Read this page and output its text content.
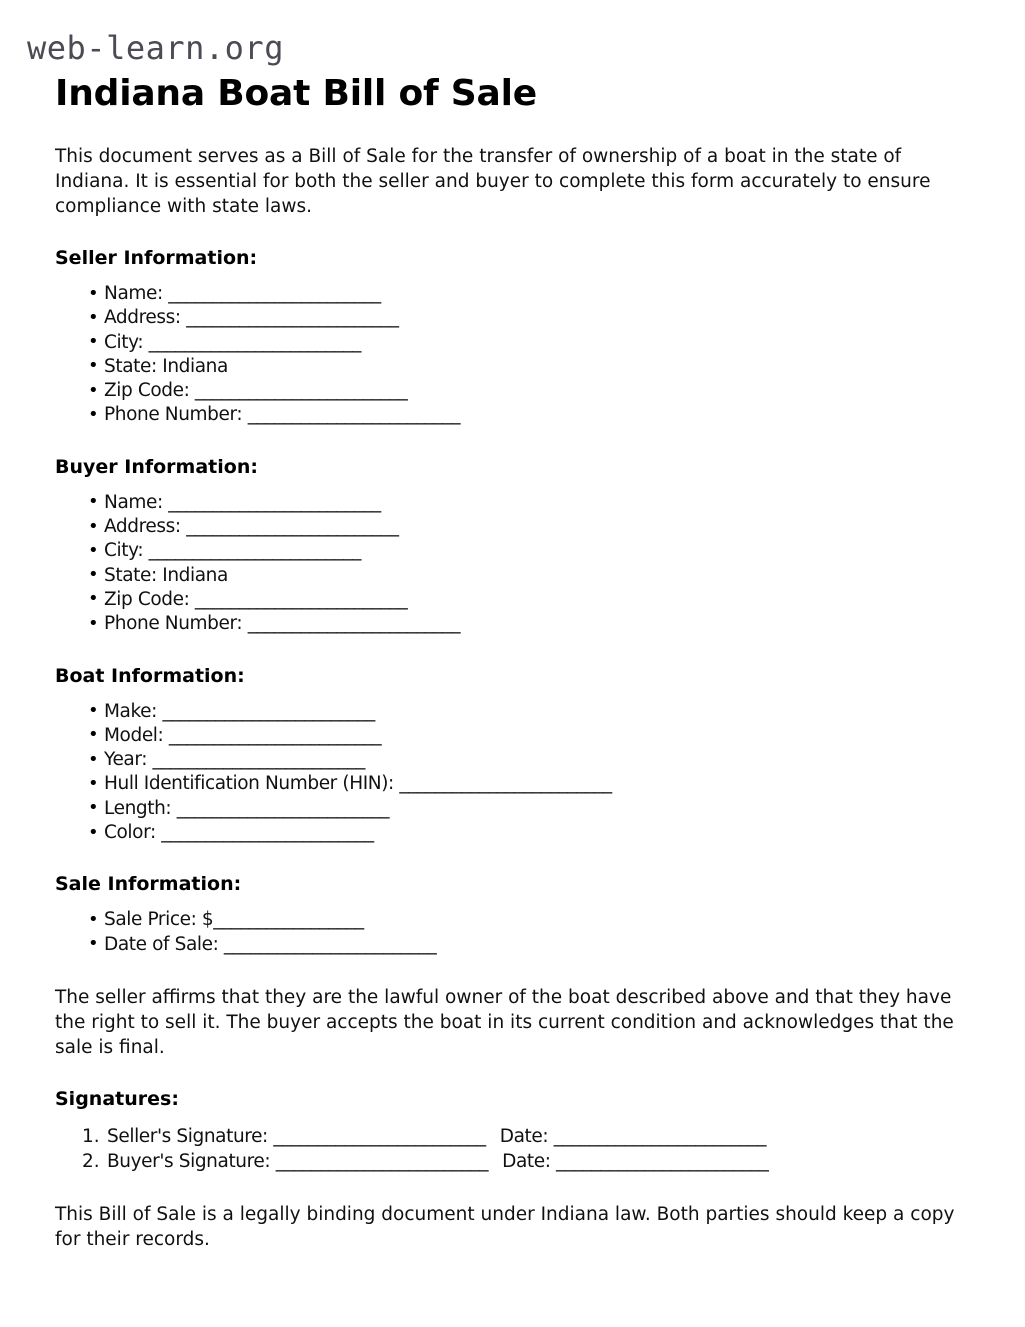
web-learn.org
Indiana Boat Bill of Sale

This document serves as a Bill of Sale for the transfer of ownership of a boat in the state of Indiana. It is essential for both the seller and buyer to complete this form accurately to ensure compliance with state laws.

Seller Information:
• Name: ________________________
• Address: ________________________
• City: ________________________
• State: Indiana
• Zip Code: ________________________
• Phone Number: ________________________
Buyer Information:
• Name: ________________________
• Address: ________________________
• City: ________________________
• State: Indiana
• Zip Code: ________________________
• Phone Number: ________________________
Boat Information:
• Make: ________________________
• Model: ________________________
• Year: ________________________
• Hull Identification Number (HIN): ________________________
• Length: ________________________
• Color: ________________________
Sale Information:
• Sale Price: $_________________
• Date of Sale: ________________________

The seller affirms that they are the lawful owner of the boat described above and that they have the right to sell it. The buyer accepts the boat in its current condition and acknowledges that the sale is final.

Signatures:
Seller's Signature: ________________________ Date: ________________________
Buyer's Signature: ________________________ Date: ________________________

This Bill of Sale is a legally binding document under Indiana law. Both parties should keep a copy for their records.
